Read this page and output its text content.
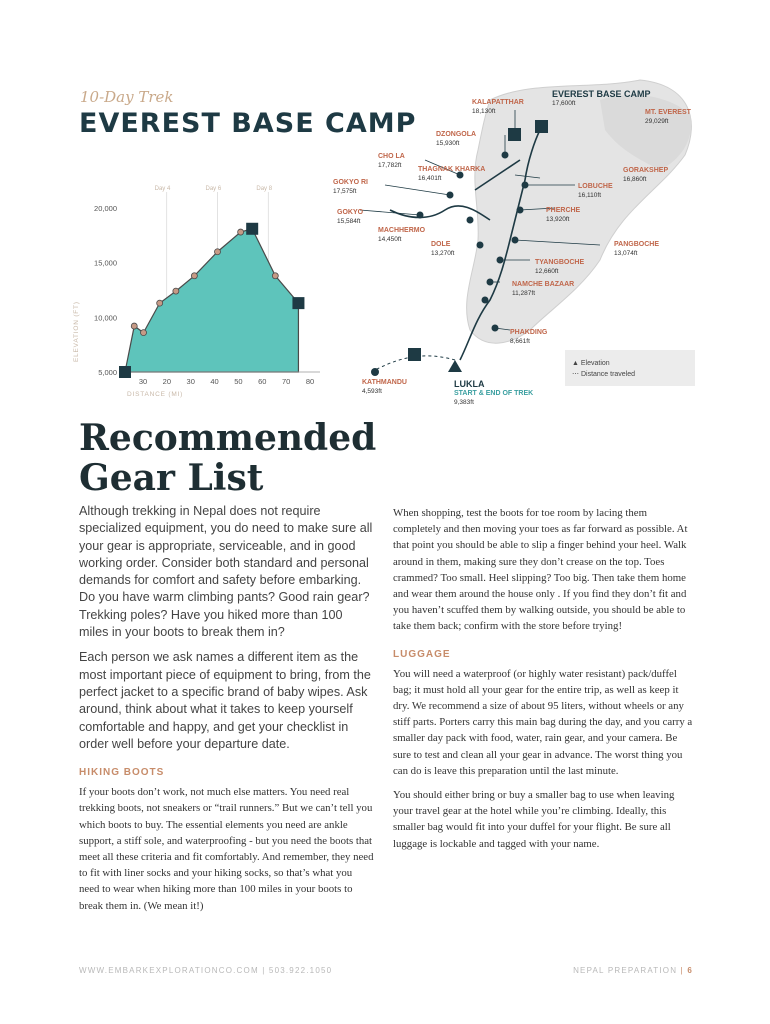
10-Day Trek
EVEREST BASE CAMP
EVEREST BASE CAMP
17,600ft
MT. EVEREST
29,029ft
KALAPATTHAR
18,130ft
DZONGOLA
15,930ft
CHO LA
17,782ft
THAGNAK KHARKA
16,401ft
GORAKSHEP
16,860ft
GOKYO RI
17,575ft
LOBUCHE
16,110ft
GOKYO
15,584ft
PHERCHE
13,920ft
MACHHERMO
14,450ft
DOLE
13,270ft
PANGBOCHE
13,074ft
TYANGBOCHE
12,660ft
NAMCHE BAZAAR
11,287ft
PHAKDING
8,661ft
KATHMANDU
4,593ft
LUKLA
START & END OF TREK
9,383ft
▲ Elevation
⋯ Distance traveled
Day 4	Day 6	Day 8
20,000
15,000
10,000
5,000
30 20 30 40 50 60 70 80
DISTANCE (MI)
ELEVATION (FT)
Recommended
Gear List

Although trekking in Nepal does not require specialized equipment, you do need to make sure all your gear is appropriate, serviceable, and in good working order. Consider both standard and personal demands for comfort and safety before embarking. Do you have warm climbing pants? Good rain gear? Trekking poles? Have you hiked more than 100 miles in your boots to break them in?

Each person we ask names a different item as the most important piece of equipment to bring, from the perfect jacket to a specific brand of baby wipes. Ask around, think about what it takes to keep yourself comfortable and happy, and get your checklist in order well before your departure date.

HIKING BOOTS

If your boots don’t work, not much else matters. You need real trekking boots, not sneakers or “trail runners.” But we can’t tell you which boots to buy. The essential elements you need are ankle support, a stiff sole, and waterproofing - but you need the boots that meet all these criteria and fit comfortably. And remember, they need to fit with liner socks and your hiking socks, so that’s what you need to wear when hiking more than 100 miles in your boots to break them in. (We mean it!)

When shopping, test the boots for toe room by lacing them completely and then moving your toes as far forward as possible. At that point you should be able to slip a finger behind your heel. Walk around in them, making sure they don’t crease on the top. Toes crammed? Too small. Heel slipping? Too big. Then take them home and wear them around the house only . If you find they don’t fit and you haven’t scuffed them by walking outside, you should be able to take them back; confirm with the store before trying!

LUGGAGE

You will need a waterproof (or highly water resistant) pack/duffel bag; it must hold all your gear for the entire trip, as well as keep it dry. We recommend a size of about 95 liters, without wheels or any stiff parts. Porters carry this main bag during the day, and you carry a smaller day pack with food, water, rain gear, and your camera. Be sure to test and clean all your gear in advance. The worst thing you can do is leave this preparation until the last minute.

You should either bring or buy a smaller bag to use when leaving your travel gear at the hotel while you’re climbing. Ideally, this smaller bag would fit into your duffel for your flight. Be sure all luggage is lockable and tagged with your name.

WWW.EMBARKEXPLORATIONCO.COM | 503.922.1050	NEPAL PREPARATION | 6
